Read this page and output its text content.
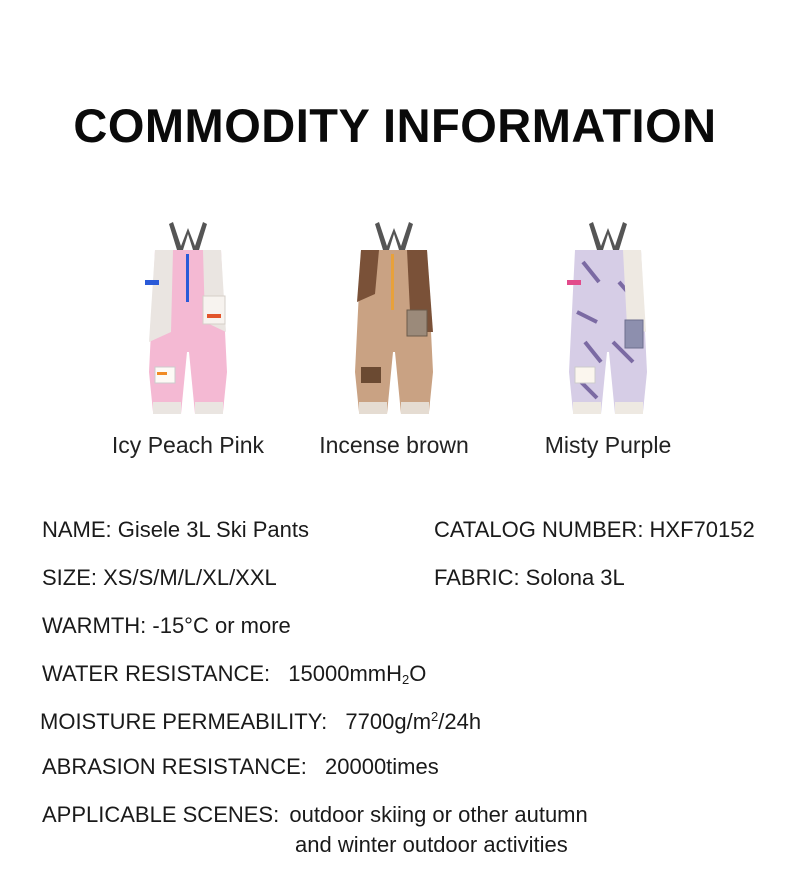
COMMODITY INFORMATION
Icy Peach Pink	Incense brown	Misty Purple
NAME: Gisele 3L Ski Pants	CATALOG NUMBER: HXF70152
SIZE: XS/S/M/L/XL/XXL	FABRIC: Solona 3L
WARMTH: -15°C or more
WATER RESISTANCE: 15000mmH$_2$O
MOISTURE PERMEABILITY: $7700g/m^2/24h$
ABRASION RESISTANCE: 20000times
APPLICABLE SCENES: outdoor skiing or other autumn
and winter outdoor activities
